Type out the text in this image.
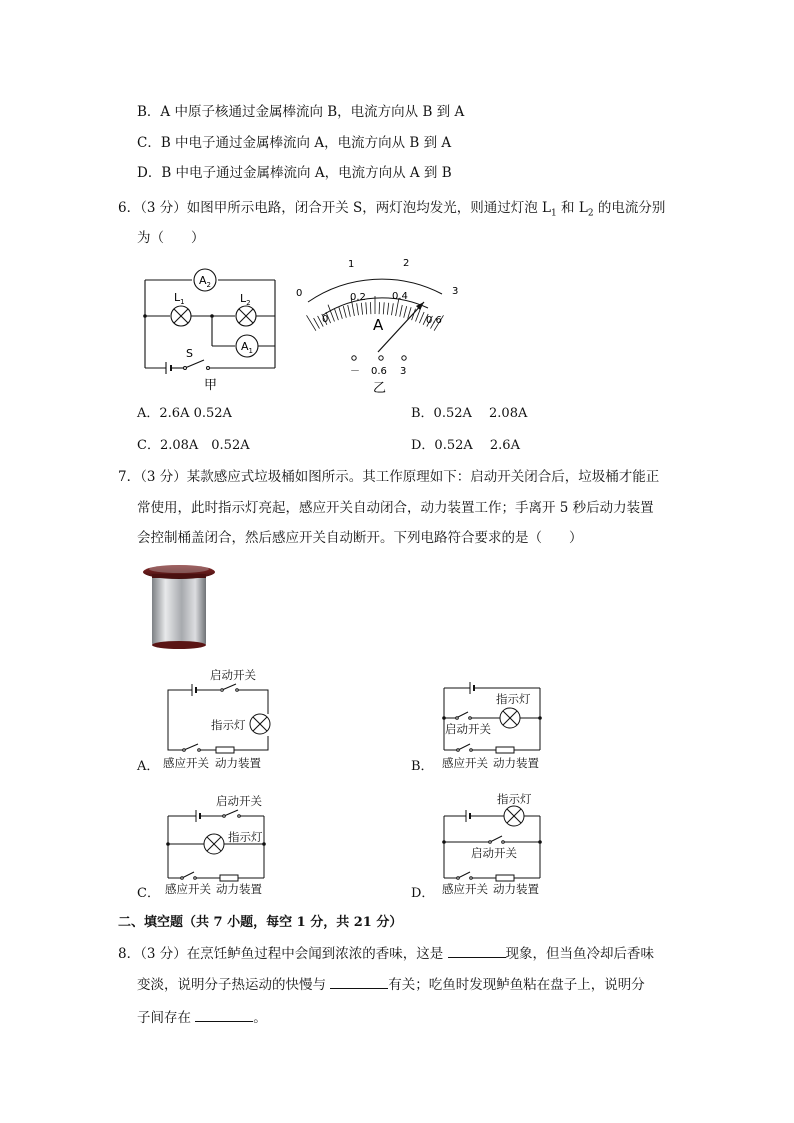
B．A 中原子核通过金属棒流向 B，电流方向从 B 到 A
C．B 中电子通过金属棒流向 A，电流方向从 B 到 A
D．B 中电子通过金属棒流向 A，电流方向从 A 到 B
6．（3 分）如图甲所示电路，闭合开关 S，两灯泡均发光，则通过灯泡 $L_1$ 和 $L_2$ 的电流分别
为（　　）
$A_2$
$A_1$
$L_1$	$L_2$
S
甲
0
1	2
3
0
0.2	0.4
0.6
A
－ 0.6 3
乙
A．2.6A 0.52A	B．0.52A　 2.08A
C．2.08A　0.52A	D．0.52A　 2.6A
7．（3 分）某款感应式垃圾桶如图所示。其工作原理如下：启动开关闭合后，垃圾桶才能正
常使用，此时指示灯亮起，感应开关自动闭合，动力装置工作；手离开 5 秒后动力装置
会控制桶盖闭合，然后感应开关自动断开。下列电路符合要求的是（　　）
启动开关
指示灯
感应开关 动力装置
A．
指示灯
启动开关
感应开关 动力装置
B．
启动开关
指示灯
感应开关 动力装置
C．
指示灯
启动开关
感应开关 动力装置
D．
二、填空题（共 7 小题，每空 1 分，共 21 分）
8．（3 分）在烹饪鲈鱼过程中会闻到浓浓的香味，这是	现象，但当鱼冷却后香味
变淡，说明分子热运动的快慢与	有关；吃鱼时发现鲈鱼粘在盘子上，说明分
子间存在	。
